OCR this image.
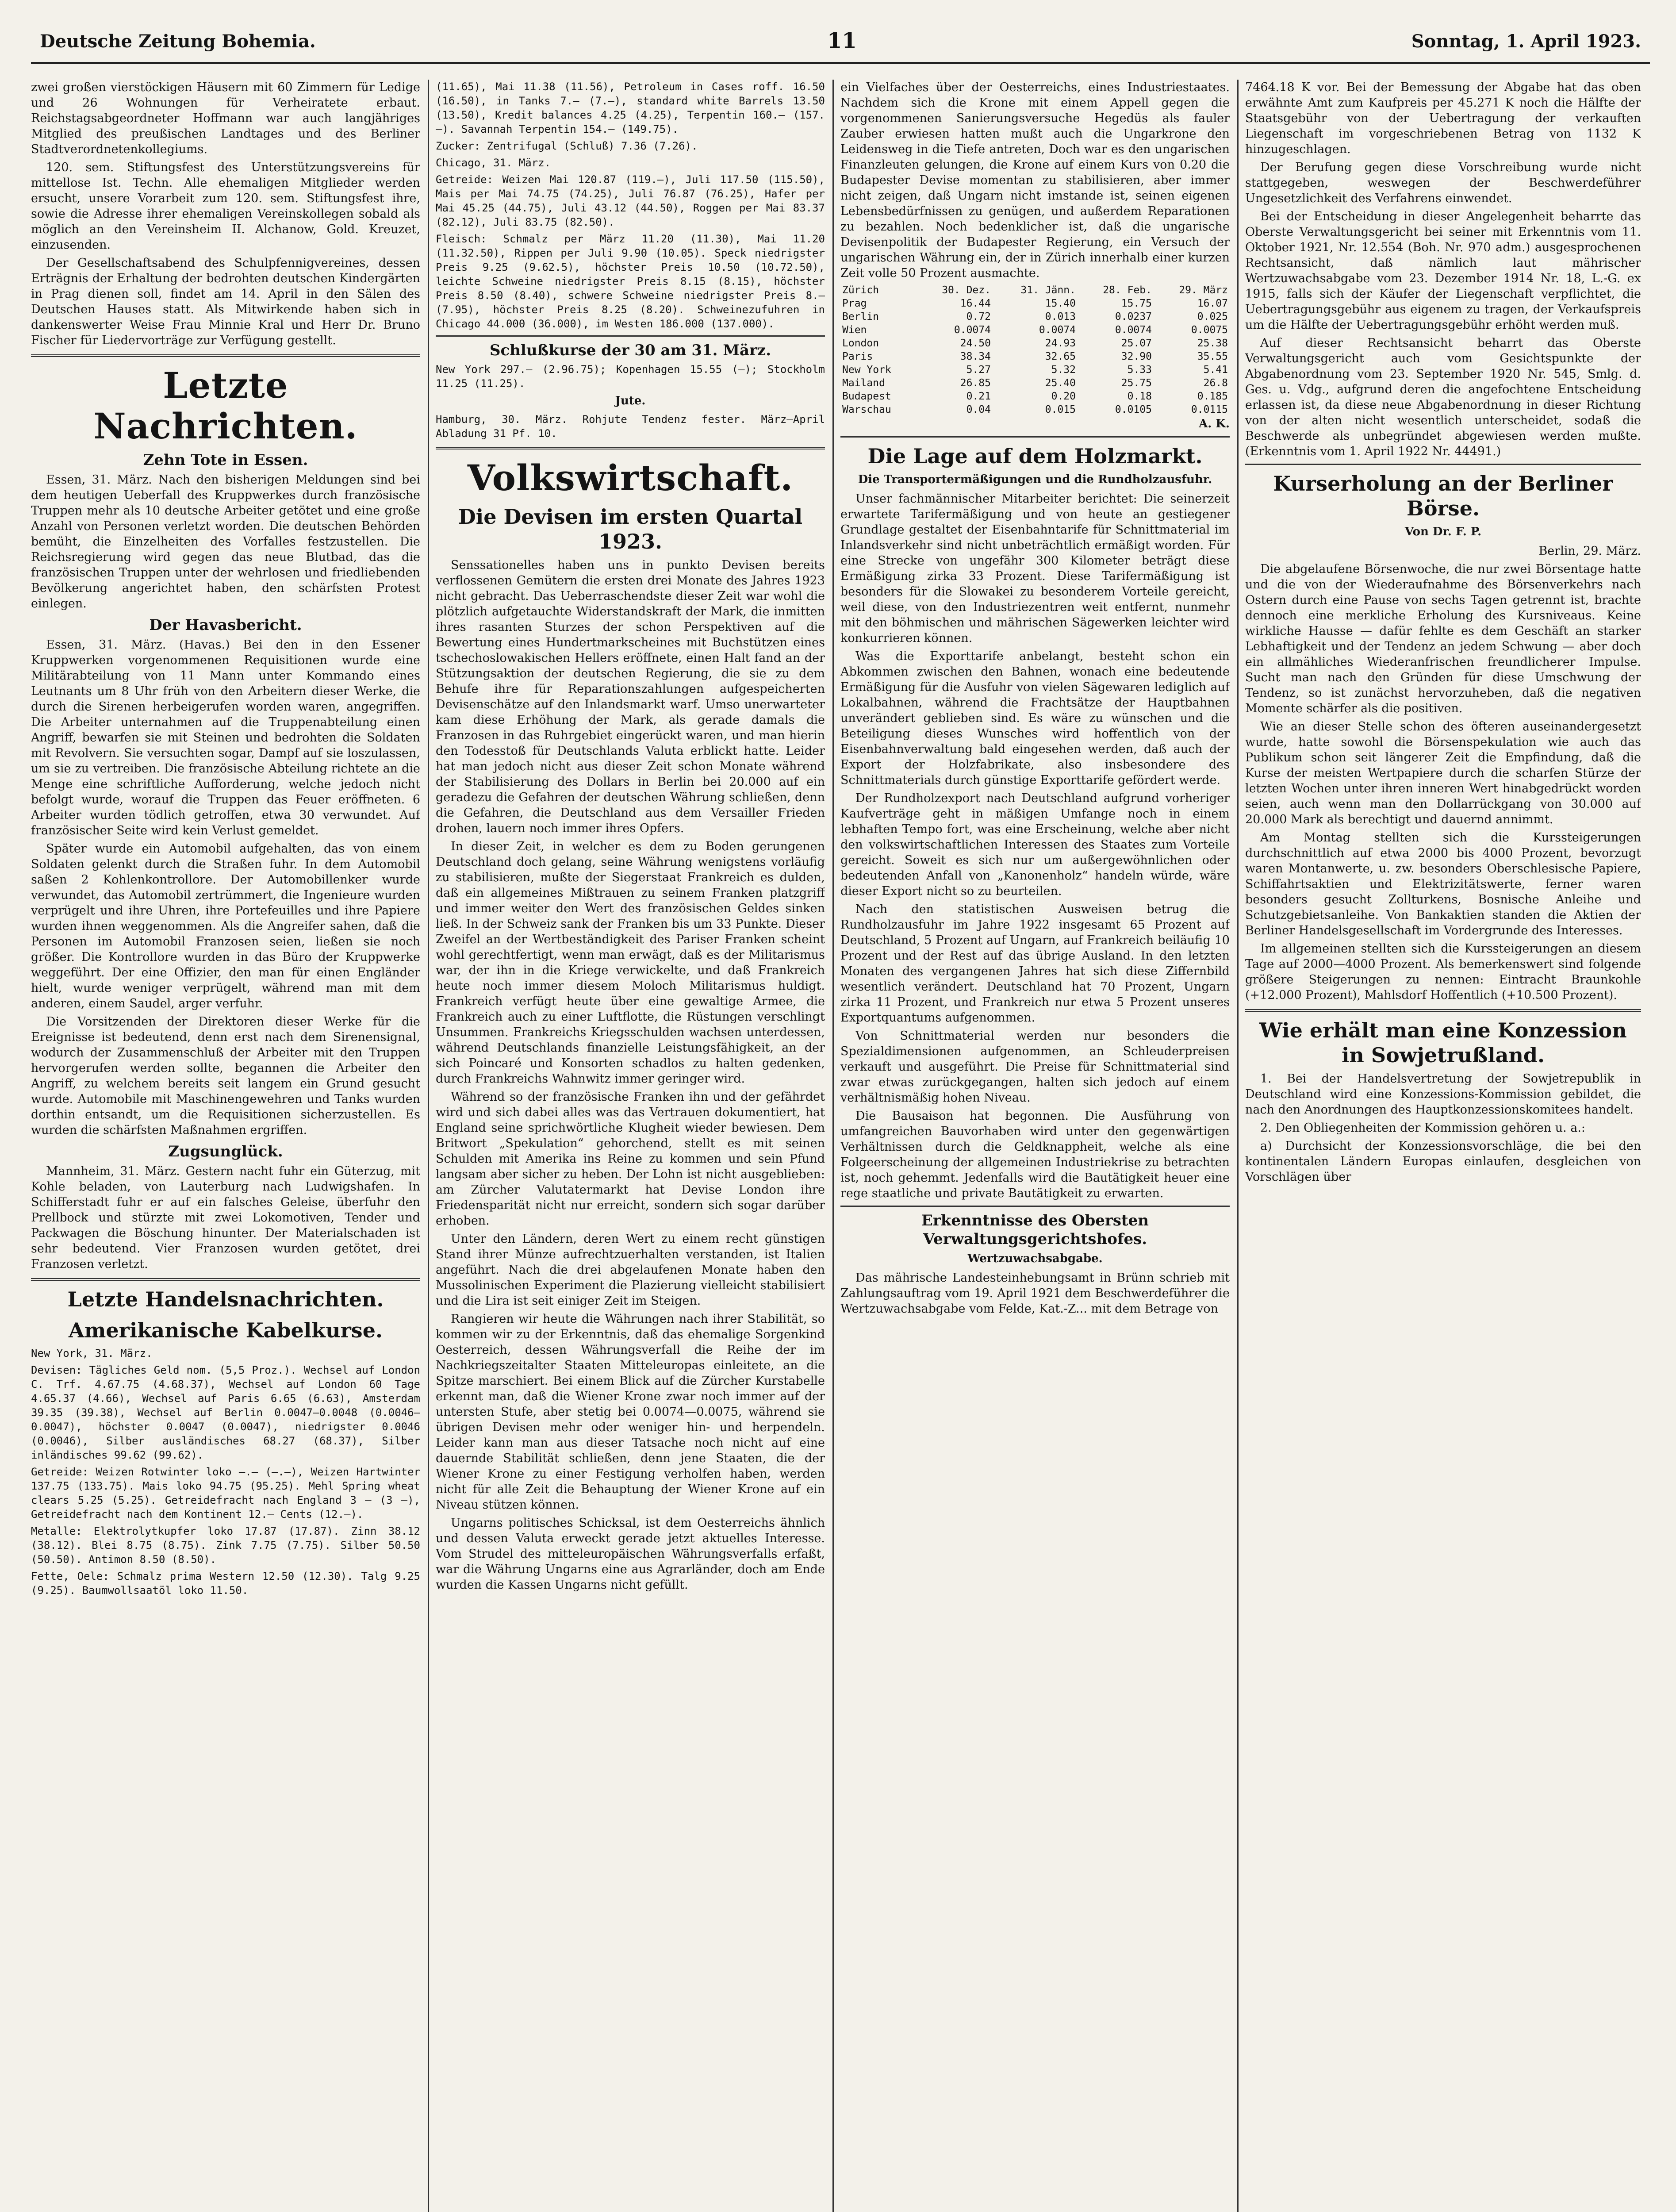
Deutsche Zeitung Bohemia.	11	Sonntag, 1. April 1923.

zwei großen vierstöckigen Häusern mit 60 Zimmern für Ledige und 26 Wohnungen für Verheiratete erbaut. Reichstagsabgeordneter Hoffmann war auch langjähriges Mitglied des preußischen Landtages und des Berliner Stadtverordnetenkollegiums.

120. sem. Stiftungsfest des Unterstützungsvereins für mittellose Ist. Techn. Alle ehemaligen Mitglieder werden ersucht, unsere Vorarbeit zum 120. sem. Stiftungsfest ihre, sowie die Adresse ihrer ehemaligen Vereinskollegen sobald als möglich an den Vereinsheim II. Alchanow, Gold. Kreuzet, einzusenden.

Der Gesellschaftsabend des Schulpfennigvereines, dessen Erträgnis der Erhaltung der bedrohten deutschen Kindergärten in Prag dienen soll, findet am 14. April in den Sälen des Deutschen Hauses statt. Als Mitwirkende haben sich in dankenswerter Weise Frau Minnie Kral und Herr Dr. Bruno Fischer für Liedervorträge zur Verfügung gestellt.

Letzte Nachrichten.
Zehn Tote in Essen.

Essen, 31. März. Nach den bisherigen Meldungen sind bei dem heutigen Ueberfall des Kruppwerkes durch französische Truppen mehr als 10 deutsche Arbeiter getötet und eine große Anzahl von Personen verletzt worden. Die deutschen Behörden bemüht, die Einzelheiten des Vorfalles festzustellen. Die Reichsregierung wird gegen das neue Blutbad, das die französischen Truppen unter der wehrlosen und friedliebenden Bevölkerung angerichtet haben, den schärfsten Protest einlegen.

Der Havasbericht.

Essen, 31. März. (Havas.) Bei den in den Essener Kruppwerken vorgenommenen Requisitionen wurde eine Militärabteilung von 11 Mann unter Kommando eines Leutnants um 8 Uhr früh von den Arbeitern dieser Werke, die durch die Sirenen herbeigerufen worden waren, angegriffen. Die Arbeiter unternahmen auf die Truppenabteilung einen Angriff, bewarfen sie mit Steinen und bedrohten die Soldaten mit Revolvern. Sie versuchten sogar, Dampf auf sie loszulassen, um sie zu vertreiben. Die französische Abteilung richtete an die Menge eine schriftliche Aufforderung, welche jedoch nicht befolgt wurde, worauf die Truppen das Feuer eröffneten. 6 Arbeiter wurden tödlich getroffen, etwa 30 verwundet. Auf französischer Seite wird kein Verlust gemeldet.

Später wurde ein Automobil aufgehalten, das von einem Soldaten gelenkt durch die Straßen fuhr. In dem Automobil saßen 2 Kohlenkontrollore. Der Automobillenker wurde verwundet, das Automobil zertrümmert, die Ingenieure wurden verprügelt und ihre Uhren, ihre Portefeuilles und ihre Papiere wurden ihnen weggenommen. Als die Angreifer sahen, daß die Personen im Automobil Franzosen seien, ließen sie noch größer. Die Kontrollore wurden in das Büro der Kruppwerke weggeführt. Der eine Offizier, den man für einen Engländer hielt, wurde weniger verprügelt, während man mit dem anderen, einem Saudel, arger verfuhr.

Die Vorsitzenden der Direktoren dieser Werke für die Ereignisse ist bedeutend, denn erst nach dem Sirenensignal, wodurch der Zusammenschluß der Arbeiter mit den Truppen hervorgerufen werden sollte, begannen die Arbeiter den Angriff, zu welchem bereits seit langem ein Grund gesucht wurde. Automobile mit Maschinengewehren und Tanks wurden dorthin entsandt, um die Requisitionen sicherzustellen. Es wurden die schärfsten Maßnahmen ergriffen.

Zugsunglück.

Mannheim, 31. März. Gestern nacht fuhr ein Güterzug, mit Kohle beladen, von Lauterburg nach Ludwigshafen. In Schifferstadt fuhr er auf ein falsches Geleise, überfuhr den Prellbock und stürzte mit zwei Lokomotiven, Tender und Packwagen die Böschung hinunter. Der Materialschaden ist sehr bedeutend. Vier Franzosen wurden getötet, drei Franzosen verletzt.

Letzte Handelsnachrichten.
Amerikanische Kabelkurse.

New York, 31. März.

Devisen: Tägliches Geld nom. (5,5 Proz.). Wechsel auf London C. Trf. 4.67.75 (4.68.37), Wechsel auf London 60 Tage 4.65.37 (4.66), Wechsel auf Paris 6.65 (6.63), Amsterdam 39.35 (39.38), Wechsel auf Berlin 0.0047—0.0048 (0.0046—0.0047), höchster 0.0047 (0.0047), niedrigster 0.0046 (0.0046), Silber ausländisches 68.27 (68.37), Silber inländisches 99.62 (99.62).

Getreide: Weizen Rotwinter loko —.— (—.—), Weizen Hartwinter 137.75 (133.75). Mais loko 94.75 (95.25). Mehl Spring wheat clears 5.25 (5.25). Getreidefracht nach England 3 — (3 —), Getreidefracht nach dem Kontinent 12.— Cents (12.—).

Metalle: Elektrolytkupfer loko 17.87 (17.87). Zinn 38.12 (38.12). Blei 8.75 (8.75). Zink 7.75 (7.75). Silber 50.50 (50.50). Antimon 8.50 (8.50).

Fette, Oele: Schmalz prima Western 12.50 (12.30). Talg 9.25 (9.25). Baumwollsaatöl loko 11.50.

(11.65), Mai 11.38 (11.56), Petroleum in Cases roff. 16.50 (16.50), in Tanks 7.— (7.—), standard white Barrels 13.50 (13.50), Kredit balances 4.25 (4.25), Terpentin 160.— (157.—). Savannah Terpentin 154.— (149.75).

Zucker: Zentrifugal (Schluß) 7.36 (7.26).

Chicago, 31. März.

Getreide: Weizen Mai 120.87 (119.—), Juli 117.50 (115.50), Mais per Mai 74.75 (74.25), Juli 76.87 (76.25), Hafer per Mai 45.25 (44.75), Juli 43.12 (44.50), Roggen per Mai 83.37 (82.12), Juli 83.75 (82.50).

Fleisch: Schmalz per März 11.20 (11.30), Mai 11.20 (11.32.50), Rippen per Juli 9.90 (10.05). Speck niedrigster Preis 9.25 (9.62.5), höchster Preis 10.50 (10.72.50), leichte Schweine niedrigster Preis 8.15 (8.15), höchster Preis 8.50 (8.40), schwere Schweine niedrigster Preis 8.— (7.95), höchster Preis 8.25 (8.20). Schweinezufuhren in Chicago 44.000 (36.000), im Westen 186.000 (137.000).

Schlußkurse der 30 am 31. März.

New York 297.— (2.96.75); Kopenhagen 15.55 (—); Stockholm 11.25 (11.25).

Jute.

Hamburg, 30. März. Rohjute Tendenz fester. März—April Abladung 31 Pf. 10.

Volkswirtschaft.
Die Devisen im ersten Quartal 1923.

Senssationelles haben uns in punkto Devisen bereits verflossenen Gemütern die ersten drei Monate des Jahres 1923 nicht gebracht. Das Ueberraschendste dieser Zeit war wohl die plötzlich aufgetauchte Widerstandskraft der Mark, die inmitten ihres rasanten Sturzes der schon Perspektiven auf die Bewertung eines Hundertmarkscheines mit Buchstützen eines tschechoslowakischen Hellers eröffnete, einen Halt fand an der Stützungsaktion der deutschen Regierung, die sie zu dem Behufe ihre für Reparationszahlungen aufgespeicherten Devisenschätze auf den Inlandsmarkt warf. Umso unerwarteter kam diese Erhöhung der Mark, als gerade damals die Franzosen in das Ruhrgebiet eingerückt waren, und man hierin den Todesstoß für Deutschlands Valuta erblickt hatte. Leider hat man jedoch nicht aus dieser Zeit schon Monate während der Stabilisierung des Dollars in Berlin bei 20.000 auf ein geradezu die Gefahren der deutschen Währung schließen, denn die Gefahren, die Deutschland aus dem Versailler Frieden drohen, lauern noch immer ihres Opfers.

In dieser Zeit, in welcher es dem zu Boden gerungenen Deutschland doch gelang, seine Währung wenigstens vorläufig zu stabilisieren, mußte der Siegerstaat Frankreich es dulden, daß ein allgemeines Mißtrauen zu seinem Franken platzgriff und immer weiter den Wert des französischen Geldes sinken ließ. In der Schweiz sank der Franken bis um 33 Punkte. Dieser Zweifel an der Wertbeständigkeit des Pariser Franken scheint wohl gerechtfertigt, wenn man erwägt, daß es der Militarismus war, der ihn in die Kriege verwickelte, und daß Frankreich heute noch immer diesem Moloch Militarismus huldigt. Frankreich verfügt heute über eine gewaltige Armee, die Frankreich auch zu einer Luftflotte, die Rüstungen verschlingt Unsummen. Frankreichs Kriegsschulden wachsen unterdessen, während Deutschlands finanzielle Leistungsfähigkeit, an der sich Poincaré und Konsorten schadlos zu halten gedenken, durch Frankreichs Wahnwitz immer geringer wird.

Während so der französische Franken ihn und der gefährdet wird und sich dabei alles was das Vertrauen dokumentiert, hat England seine sprichwörtliche Klugheit wieder bewiesen. Dem Britwort „Spekulation“ gehorchend, stellt es mit seinen Schulden mit Amerika ins Reine zu kommen und sein Pfund langsam aber sicher zu heben. Der Lohn ist nicht ausgeblieben: am Zürcher Valutatermarkt hat Devise London ihre Friedensparität nicht nur erreicht, sondern sich sogar darüber erhoben.

Unter den Ländern, deren Wert zu einem recht günstigen Stand ihrer Münze aufrechtzuerhalten verstanden, ist Italien angeführt. Nach die drei abgelaufenen Monate haben den Mussolinischen Experiment die Plazierung vielleicht stabilisiert und die Lira ist seit einiger Zeit im Steigen.

Rangieren wir heute die Währungen nach ihrer Stabilität, so kommen wir zu der Erkenntnis, daß das ehemalige Sorgenkind Oesterreich, dessen Währungsverfall die Reihe der im Nachkriegszeitalter Staaten Mitteleuropas einleitete, an die Spitze marschiert. Bei einem Blick auf die Zürcher Kurstabelle erkennt man, daß die Wiener Krone zwar noch immer auf der untersten Stufe, aber stetig bei 0.0074—0.0075, während sie übrigen Devisen mehr oder weniger hin- und herpendeln. Leider kann man aus dieser Tatsache noch nicht auf eine dauernde Stabilität schließen, denn jene Staaten, die der Wiener Krone zu einer Festigung verholfen haben, werden nicht für alle Zeit die Behauptung der Wiener Krone auf ein Niveau stützen können.

Ungarns politisches Schicksal, ist dem Oesterreichs ähnlich und dessen Valuta erweckt gerade jetzt aktuelles Interesse. Vom Strudel des mitteleuropäischen Währungsverfalls erfaßt, war die Währung Ungarns eine aus Agrarländer, doch am Ende wurden die Kassen Ungarns nicht gefüllt.

ein Vielfaches über der Oesterreichs, eines Industriestaates. Nachdem sich die Krone mit einem Appell gegen die vorgenommenen Sanierungsversuche Hegedüs als fauler Zauber erwiesen hatten mußt auch die Ungarkrone den Leidensweg in die Tiefe antreten, Doch war es den ungarischen Finanzleuten gelungen, die Krone auf einem Kurs von 0.20 die Budapester Devise momentan zu stabilisieren, aber immer nicht zeigen, daß Ungarn nicht imstande ist, seinen eigenen Lebensbedürfnissen zu genügen, und außerdem Reparationen zu bezahlen. Noch bedenklicher ist, daß die ungarische Devisenpolitik der Budapester Regierung, ein Versuch der ungarischen Währung ein, der in Zürich innerhalb einer kurzen Zeit volle 50 Prozent ausmachte.

Zürich	30. Dez.	31. Jänn.	28. Feb.	29. März
Prag	16.44	15.40	15.75	16.07
Berlin	0.72	0.013	0.0237	0.025
Wien	0.0074	0.0074	0.0074	0.0075
London	24.50	24.93	25.07	25.38
Paris	38.34	32.65	32.90	35.55
New York	5.27	5.32	5.33	5.41
Mailand	26.85	25.40	25.75	26.8
Budapest	0.21	0.20	0.18	0.185
Warschau	0.04	0.015	0.0105	0.0115
A. K.
Die Lage auf dem Holzmarkt.
Die Transportermäßigungen und die Rundholzausfuhr.

Unser fachmännischer Mitarbeiter berichtet: Die seinerzeit erwartete Tarifermäßigung und von heute an gestiegener Grundlage gestaltet der Eisenbahntarife für Schnittmaterial im Inlandsverkehr sind nicht unbeträchtlich ermäßigt worden. Für eine Strecke von ungefähr 300 Kilometer beträgt diese Ermäßigung zirka 33 Prozent. Diese Tarifermäßigung ist besonders für die Slowakei zu besonderem Vorteile gereicht, weil diese, von den Industriezentren weit entfernt, nunmehr mit den böhmischen und mährischen Sägewerken leichter wird konkurrieren können.

Was die Exporttarife anbelangt, besteht schon ein Abkommen zwischen den Bahnen, wonach eine bedeutende Ermäßigung für die Ausfuhr von vielen Sägewaren lediglich auf Lokalbahnen, während die Frachtsätze der Hauptbahnen unverändert geblieben sind. Es wäre zu wünschen und die Beteiligung dieses Wunsches wird hoffentlich von der Eisenbahnverwaltung bald eingesehen werden, daß auch der Export der Holzfabrikate, also insbesondere des Schnittmaterials durch günstige Exporttarife gefördert werde.

Der Rundholzexport nach Deutschland aufgrund vorheriger Kaufverträge geht in mäßigen Umfange noch in einem lebhaften Tempo fort, was eine Erscheinung, welche aber nicht den volkswirtschaftlichen Interessen des Staates zum Vorteile gereicht. Soweit es sich nur um außergewöhnlichen oder bedeutenden Anfall von „Kanonenholz“ handeln würde, wäre dieser Export nicht so zu beurteilen.

Nach den statistischen Ausweisen betrug die Rundholzausfuhr im Jahre 1922 insgesamt 65 Prozent auf Deutschland, 5 Prozent auf Ungarn, auf Frankreich beiläufig 10 Prozent und der Rest auf das übrige Ausland. In den letzten Monaten des vergangenen Jahres hat sich diese Ziffernbild wesentlich verändert. Deutschland hat 70 Prozent, Ungarn zirka 11 Prozent, und Frankreich nur etwa 5 Prozent unseres Exportquantums aufgenommen.

Von Schnittmaterial werden nur besonders die Spezialdimensionen aufgenommen, an Schleuderpreisen verkauft und ausgeführt. Die Preise für Schnittmaterial sind zwar etwas zurückgegangen, halten sich jedoch auf einem verhältnismäßig hohen Niveau.

Die Bausaison hat begonnen. Die Ausführung von umfangreichen Bauvorhaben wird unter den gegenwärtigen Verhältnissen durch die Geldknappheit, welche als eine Folgeerscheinung der allgemeinen Industriekrise zu betrachten ist, noch gehemmt. Jedenfalls wird die Bautätigkeit heuer eine rege staatliche und private Bautätigkeit zu erwarten.

Erkenntnisse des Obersten Verwaltungsgerichtshofes.
Wertzuwachsabgabe.

Das mährische Landesteinhebungsamt in Brünn schrieb mit Zahlungsauftrag vom 19. April 1921 dem Beschwerdeführer die Wertzuwachsabgabe vom Felde, Kat.-Z... mit dem Betrage von

7464.18 K vor. Bei der Bemessung der Abgabe hat das oben erwähnte Amt zum Kaufpreis per 45.271 K noch die Hälfte der Staatsgebühr von der Uebertragung der verkauften Liegenschaft im vorgeschriebenen Betrag von 1132 K hinzugeschlagen.

Der Berufung gegen diese Vorschreibung wurde nicht stattgegeben, weswegen der Beschwerdeführer Ungesetzlichkeit des Verfahrens einwendet.

Bei der Entscheidung in dieser Angelegenheit beharrte das Oberste Verwaltungsgericht bei seiner mit Erkenntnis vom 11. Oktober 1921, Nr. 12.554 (Boh. Nr. 970 adm.) ausgesprochenen Rechtsansicht, daß nämlich laut mährischer Wertzuwachsabgabe vom 23. Dezember 1914 Nr. 18, L.-G. ex 1915, falls sich der Käufer der Liegenschaft verpflichtet, die Uebertragungsgebühr aus eigenem zu tragen, der Verkaufspreis um die Hälfte der Uebertragungsgebühr erhöht werden muß.

Auf dieser Rechtsansicht beharrt das Oberste Verwaltungsgericht auch vom Gesichtspunkte der Abgabenordnung vom 23. September 1920 Nr. 545, Smlg. d. Ges. u. Vdg., aufgrund deren die angefochtene Entscheidung erlassen ist, da diese neue Abgabenordnung in dieser Richtung von der alten nicht wesentlich unterscheidet, sodaß die Beschwerde als unbegründet abgewiesen werden mußte. (Erkenntnis vom 1. April 1922 Nr. 44491.)

Kurserholung an der Berliner Börse.
Von Dr. F. P.

Berlin, 29. März.

Die abgelaufene Börsenwoche, die nur zwei Börsentage hatte und die von der Wiederaufnahme des Börsenverkehrs nach Ostern durch eine Pause von sechs Tagen getrennt ist, brachte dennoch eine merkliche Erholung des Kursniveaus. Keine wirkliche Hausse — dafür fehlte es dem Geschäft an starker Lebhaftigkeit und der Tendenz an jedem Schwung — aber doch ein allmähliches Wiederanfrischen freundlicherer Impulse. Sucht man nach den Gründen für diese Umschwung der Tendenz, so ist zunächst hervorzuheben, daß die negativen Momente schärfer als die positiven.

Wie an dieser Stelle schon des öfteren auseinandergesetzt wurde, hatte sowohl die Börsenspekulation wie auch das Publikum schon seit längerer Zeit die Empfindung, daß die Kurse der meisten Wertpapiere durch die scharfen Stürze der letzten Wochen unter ihren inneren Wert hinabgedrückt worden seien, auch wenn man den Dollarrückgang von 30.000 auf 20.000 Mark als berechtigt und dauernd annimmt.

Am Montag stellten sich die Kurssteigerungen durchschnittlich auf etwa 2000 bis 4000 Prozent, bevorzugt waren Montanwerte, u. zw. besonders Oberschlesische Papiere, Schiffahrtsaktien und Elektrizitätswerte, ferner waren besonders gesucht Zollturkens, Bosnische Anleihe und Schutzgebietsanleihe. Von Bankaktien standen die Aktien der Berliner Handelsgesellschaft im Vordergrunde des Interesses.

Im allgemeinen stellten sich die Kurssteigerungen an diesem Tage auf 2000—4000 Prozent. Als bemerkenswert sind folgende größere Steigerungen zu nennen: Eintracht Braunkohle (+12.000 Prozent), Mahlsdorf Hoffentlich (+10.500 Prozent).

Wie erhält man eine Konzession in Sowjetrußland.

1. Bei der Handelsvertretung der Sowjetrepublik in Deutschland wird eine Konzessions-Kommission gebildet, die nach den Anordnungen des Hauptkonzessionskomitees handelt.

2. Den Obliegenheiten der Kommission gehören u. a.:

a) Durchsicht der Konzessionsvorschläge, die bei den kontinentalen Ländern Europas einlaufen, desgleichen von Vorschlägen über
